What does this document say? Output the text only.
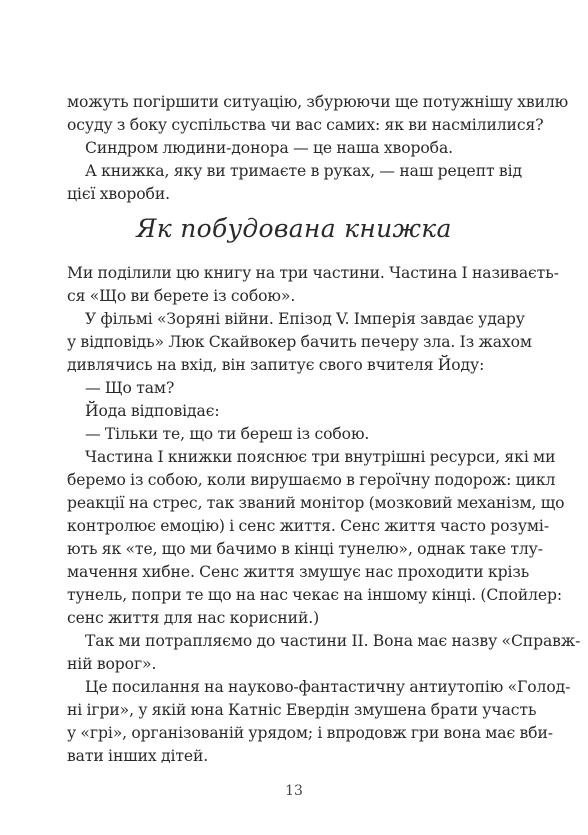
можуть погіршити ситуацію, збурюючи ще потужнішу хвилю
осуду з боку суспільства чи вас самих: як ви насмілилися?
Синдром людини-донора — це наша хвороба.
А книжка, яку ви тримаєте в руках, — наш рецепт від
цієї хвороби.
Як побудована книжка
Ми поділили цю книгу на три частини. Частина I називаєть-
ся «Що ви берете із собою».
У фільмі «Зоряні війни. Епізод V. Імперія завдає удару
у відповідь» Люк Скайвокер бачить печеру зла. Із жахом
дивлячись на вхід, він запитує свого вчителя Йоду:
— Що там?
Йода відповідає:
— Тільки те, що ти береш із собою.
Частина I книжки пояснює три внутрішні ресурси, які ми
беремо із собою, коли вирушаємо в героїчну подорож: цикл
реакції на стрес, так званий монітор (мозковий механізм, що
контролює емоцію) і сенс життя. Сенс життя часто розумі-
ють як «те, що ми бачимо в кінці тунелю», однак таке тлу-
мачення хибне. Сенс життя змушує нас проходити крізь
тунель, попри те що на нас чекає на іншому кінці. (Спойлер:
сенс життя для нас корисний.)
Так ми потрапляємо до частини II. Вона має назву «Справж-
ній ворог».
Це посилання на науково-фантастичну антиутопію «Голод-
ні ігри», у якій юна Катніс Евердін змушена брати участь
у «грі», організованій урядом; і впродовж гри вона має вби-
вати інших дітей.
13
